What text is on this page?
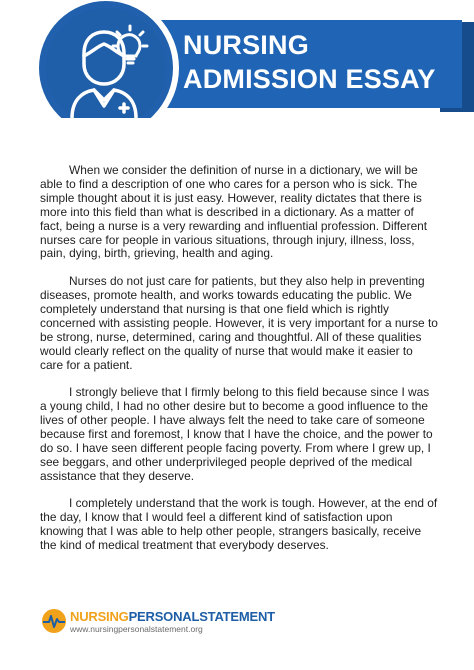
NURSING
ADMISSION ESSAY

When we consider the definition of nurse in a dictionary, we will be able to find a description of one who cares for a person who is sick. The simple thought about it is just easy. However, reality dictates that there is more into this field than what is described in a dictionary. As a matter of fact, being a nurse is a very rewarding and influential profession. Different nurses care for people in various situations, through injury, illness, loss, pain, dying, birth, grieving, health and aging.

Nurses do not just care for patients, but they also help in preventing diseases, promote health, and works towards educating the public. We completely understand that nursing is that one field which is rightly concerned with assisting people. However, it is very important for a nurse to be strong, nurse, determined, caring and thoughtful. All of these qualities would clearly reflect on the quality of nurse that would make it easier to care for a patient.

I strongly believe that I firmly belong to this field because since I was a young child, I had no other desire but to become a good influence to the lives of other people. I have always felt the need to take care of someone because first and foremost, I know that I have the choice, and the power to do so. I have seen different people facing poverty. From where I grew up, I see beggars, and other underprivileged people deprived of the medical assistance that they deserve.

I completely understand that the work is tough. However, at the end of the day, I know that I would feel a different kind of satisfaction upon knowing that I was able to help other people, strangers basically, receive the kind of medical treatment that everybody deserves.

NURSINGPERSONALSTATEMENT
www.nursingpersonalstatement.org
